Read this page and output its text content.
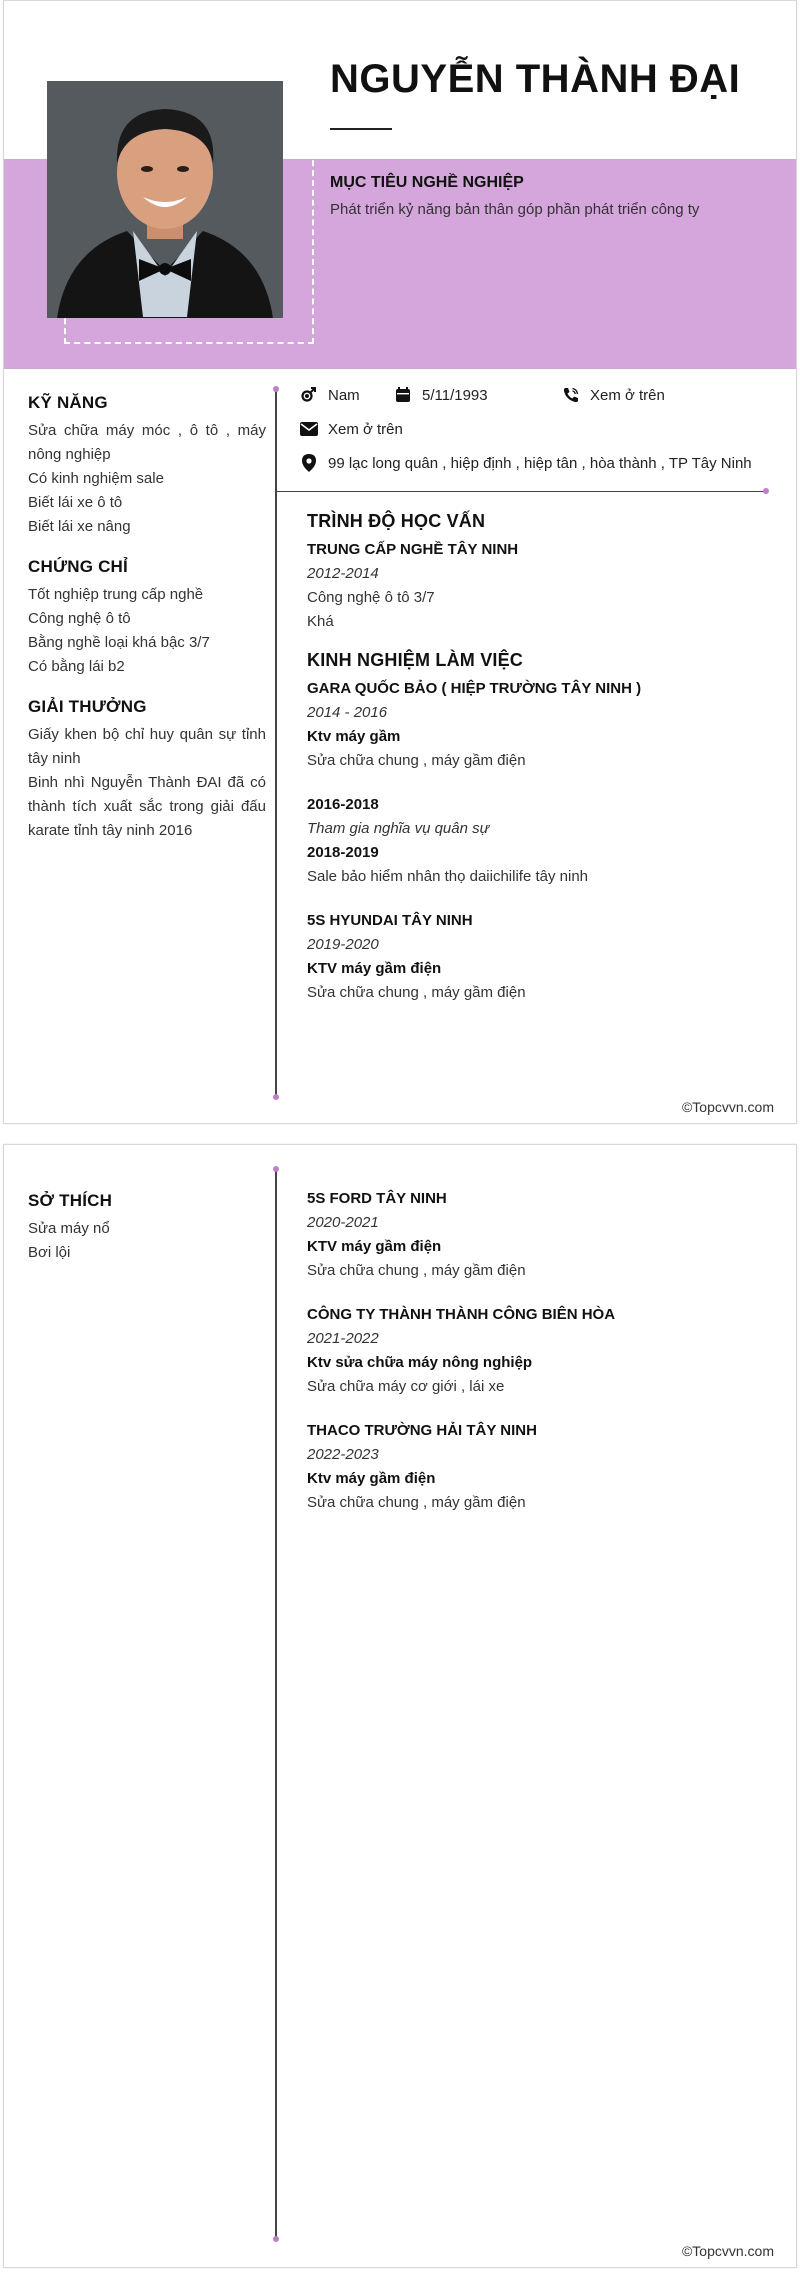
NGUYỄN THÀNH ĐẠI
MỤC TIÊU NGHỀ NGHIỆP
Phát triển kỷ năng bản thân góp phần phát triển công ty
KỸ NĂNG
Sửa chữa máy móc , ô tô , máy nông nghiệp
Có kinh nghiệm sale
Biết lái xe ô tô
Biết lái xe nâng
CHỨNG CHỈ
Tốt nghiệp trung cấp nghề
Công nghệ ô tô
Bằng nghề loại khá bậc 3/7
Có bằng lái b2
GIẢI THƯỞNG
Giấy khen bộ chỉ huy quân sự tỉnh tây ninh
Binh nhì Nguyễn Thành ĐAI đã có thành tích xuất sắc trong giải đấu karate tỉnh tây ninh 2016
Nam	5/11/1993	Xem ở trên
Xem ở trên
99 lạc long quân , hiệp định , hiệp tân , hòa thành , TP Tây Ninh
TRÌNH ĐỘ HỌC VẤN
TRUNG CẤP NGHỀ TÂY NINH
2012-2014
Công nghệ ô tô 3/7
Khá
KINH NGHIỆM LÀM VIỆC
GARA QUỐC BẢO ( HIỆP TRƯỜNG TÂY NINH )
2014 - 2016
Ktv máy gầm
Sửa chữa chung , máy gầm điện
2016-2018
Tham gia nghĩa vụ quân sự
2018-2019
Sale bảo hiểm nhân thọ daiichilife tây ninh
5S HYUNDAI TÂY NINH
2019-2020
KTV máy gầm điện
Sửa chữa chung , máy gầm điện
©Topcvvn.com
SỞ THÍCH
Sửa máy nổ
Bơi lội
5S FORD TÂY NINH
2020-2021
KTV máy gầm điện
Sửa chữa chung , máy gầm điện
CÔNG TY THÀNH THÀNH CÔNG BIÊN HÒA
2021-2022
Ktv sửa chữa máy nông nghiệp
Sửa chữa máy cơ giới , lái xe
THACO TRƯỜNG HẢI TÂY NINH
2022-2023
Ktv máy gầm điện
Sửa chữa chung , máy gầm điện
©Topcvvn.com
